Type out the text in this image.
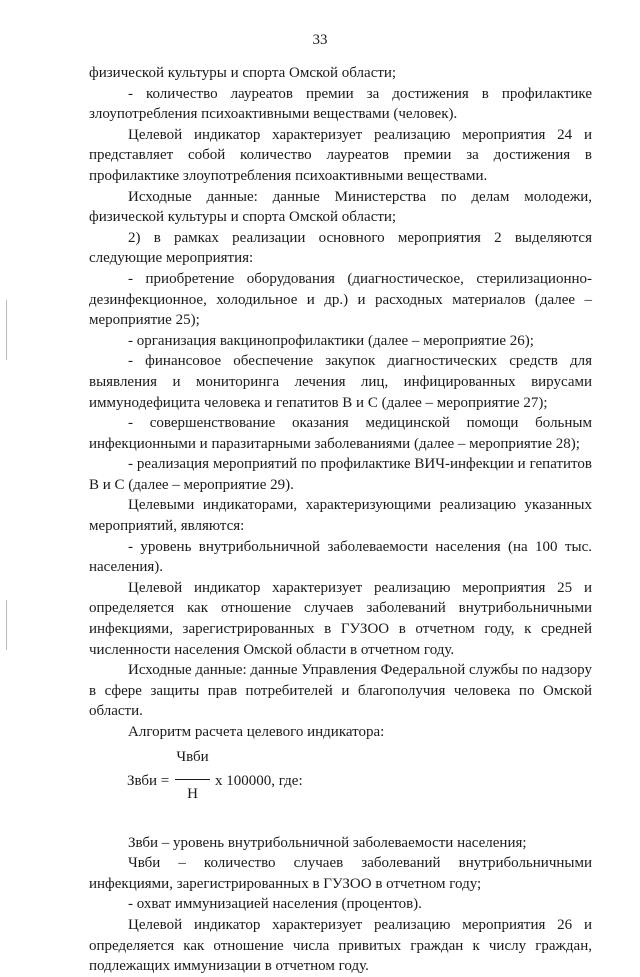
33

физической культуры и спорта Омской области;

- количество лауреатов премии за достижения в профилактике злоупотребления психоактивными веществами (человек).

Целевой индикатор характеризует реализацию мероприятия 24 и представляет собой количество лауреатов премии за достижения в профилактике злоупотребления психоактивными веществами.

Исходные данные: данные Министерства по делам молодежи, физической культуры и спорта Омской области;

2) в рамках реализации основного мероприятия 2 выделяются следующие мероприятия:

- приобретение оборудования (диагностическое, стерилизационно-дезинфекционное, холодильное и др.) и расходных материалов (далее – мероприятие 25);

- организация вакцинопрофилактики (далее – мероприятие 26);

- финансовое обеспечение закупок диагностических средств для выявления и мониторинга лечения лиц, инфицированных вирусами иммунодефицита человека и гепатитов B и C (далее – мероприятие 27);

- совершенствование оказания медицинской помощи больным инфекционными и паразитарными заболеваниями (далее – мероприятие 28);

- реализация мероприятий по профилактике ВИЧ-инфекции и гепатитов B и C (далее – мероприятие 29).

Целевыми индикаторами, характеризующими реализацию указанных мероприятий, являются:

- уровень внутрибольничной заболеваемости населения (на 100 тыс. населения).

Целевой индикатор характеризует реализацию мероприятия 25 и определяется как отношение случаев заболеваний внутрибольничными инфекциями, зарегистрированных в ГУЗОО в отчетном году, к средней численности населения Омской области в отчетном году.

Исходные данные: данные Управления Федеральной службы по надзору в сфере защиты прав потребителей и благополучия человека по Омской области.

Алгоритм расчета целевого индикатора:

Звби =
Чвби
Н
х 100000, где:

Звби – уровень внутрибольничной заболеваемости населения;

Чвби – количество случаев заболеваний внутрибольничными инфекциями, зарегистрированных в ГУЗОО в отчетном году;

- охват иммунизацией населения (процентов).

Целевой индикатор характеризует реализацию мероприятия 26 и определяется как отношение числа привитых граждан к числу граждан, подлежащих иммунизации в отчетном году.
